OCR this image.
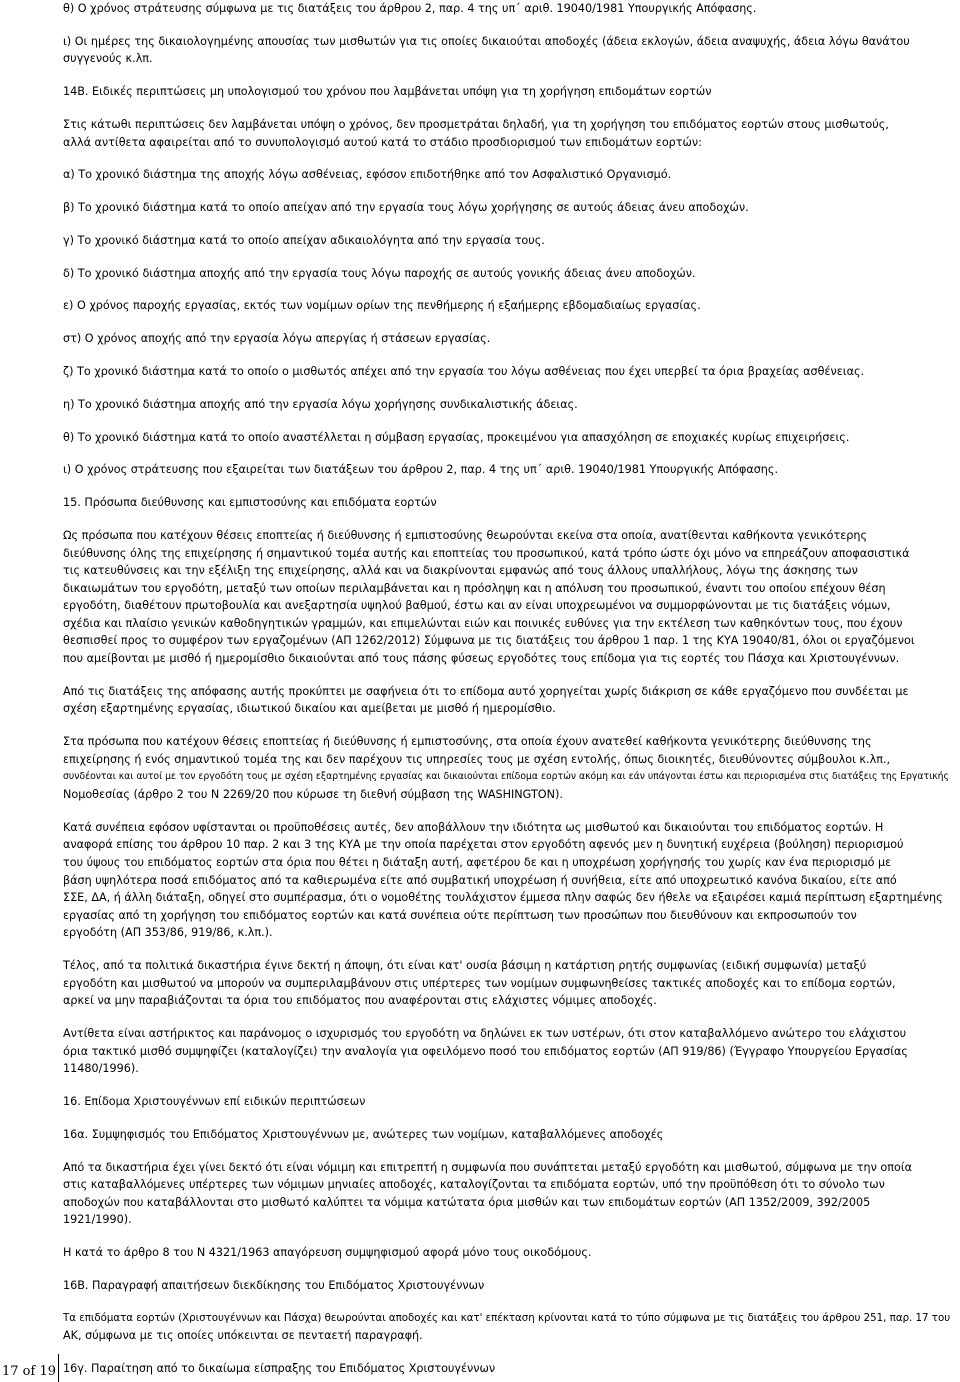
θ) Ο χρόνος στράτευσης σύμφωνα με τις διατάξεις του άρθρου 2, παρ. 4 της υπ΄ αριθ. 19040/1981 Υπουργικής Απόφασης.

ι) Οι ημέρες της δικαιολογημένης απουσίας των μισθωτών για τις οποίες δικαιούται αποδοχές (άδεια εκλογών, άδεια αναψυχής, άδεια λόγω θανάτου

συγγενούς κ.λπ.

14Β. Ειδικές περιπτώσεις μη υπολογισμού του χρόνου που λαμβάνεται υπόψη για τη χορήγηση επιδομάτων εορτών

Στις κάτωθι περιπτώσεις δεν λαμβάνεται υπόψη ο χρόνος, δεν προσμετράται δηλαδή, για τη χορήγηση του επιδόματος εορτών στους μισθωτούς,

αλλά αντίθετα αφαιρείται από το συνυπολογισμό αυτού κατά το στάδιο προσδιορισμού των επιδομάτων εορτών:

α) Το χρονικό διάστημα της αποχής λόγω ασθένειας, εφόσον επιδοτήθηκε από τον Ασφαλιστικό Οργανισμό.

β) Το χρονικό διάστημα κατά το οποίο απείχαν από την εργασία τους λόγω χορήγησης σε αυτούς άδειας άνευ αποδοχών.

γ) Το χρονικό διάστημα κατά το οποίο απείχαν αδικαιολόγητα από την εργασία τους.

δ) Το χρονικό διάστημα αποχής από την εργασία τους λόγω παροχής σε αυτούς γονικής άδειας άνευ αποδοχών.

ε) Ο χρόνος παροχής εργασίας, εκτός των νομίμων ορίων της πενθήμερης ή εξαήμερης εβδομαδιαίως εργασίας.

στ) Ο χρόνος αποχής από την εργασία λόγω απεργίας ή στάσεων εργασίας.

ζ) Το χρονικό διάστημα κατά το οποίο ο μισθωτός απέχει από την εργασία του λόγω ασθένειας που έχει υπερβεί τα όρια βραχείας ασθένειας.

η) Το χρονικό διάστημα αποχής από την εργασία λόγω χορήγησης συνδικαλιστικής άδειας.

θ) Το χρονικό διάστημα κατά το οποίο αναστέλλεται η σύμβαση εργασίας, προκειμένου για απασχόληση σε εποχιακές κυρίως επιχειρήσεις.

ι) Ο χρόνος στράτευσης που εξαιρείται των διατάξεων του άρθρου 2, παρ. 4 της υπ΄ αριθ. 19040/1981 Υπουργικής Απόφασης.

15. Πρόσωπα διεύθυνσης και εμπιστοσύνης και επιδόματα εορτών

Ως πρόσωπα που κατέχουν θέσεις εποπτείας ή διεύθυνσης ή εμπιστοσύνης θεωρούνται εκείνα στα οποία, ανατίθενται καθήκοντα γενικότερης

διεύθυνσης όλης της επιχείρησης ή σημαντικού τομέα αυτής και εποπτείας του προσωπικού, κατά τρόπο ώστε όχι μόνο να επηρεάζουν αποφασιστικά

τις κατευθύνσεις και την εξέλιξη της επιχείρησης, αλλά και να διακρίνονται εμφανώς από τους άλλους υπαλλήλους, λόγω της άσκησης των

δικαιωμάτων του εργοδότη, μεταξύ των οποίων περιλαμβάνεται και η πρόσληψη και η απόλυση του προσωπικού, έναντι του οποίου επέχουν θέση

εργοδότη, διαθέτουν πρωτοβουλία και ανεξαρτησία υψηλού βαθμού, έστω και αν είναι υποχρεωμένοι να συμμορφώνονται με τις διατάξεις νόμων,

σχέδια και πλαίσιο γενικών καθοδηγητικών γραμμών, και επιμελώνται ειών και ποινικές ευθύνες για την εκτέλεση των καθηκόντων τους, που έχουν

θεσπισθεί προς το συμφέρον των εργαζομένων (ΑΠ 1262/2012) Σύμφωνα με τις διατάξεις του άρθρου 1 παρ. 1 της ΚΥΑ 19040/81, όλοι οι εργαζόμενοι

που αμείβονται με μισθό ή ημερομίσθιο δικαιούνται από τους πάσης φύσεως εργοδότες τους επίδομα για τις εορτές του Πάσχα και Χριστουγέννων.

Από τις διατάξεις της απόφασης αυτής προκύπτει με σαφήνεια ότι το επίδομα αυτό χορηγείται χωρίς διάκριση σε κάθε εργαζόμενο που συνδέεται με

σχέση εξαρτημένης εργασίας, ιδιωτικού δικαίου και αμείβεται με μισθό ή ημερομίσθιο.

Στα πρόσωπα που κατέχουν θέσεις εποπτείας ή διεύθυνσης ή εμπιστοσύνης, στα οποία έχουν ανατεθεί καθήκοντα γενικότερης διεύθυνσης της

επιχείρησης ή ενός σημαντικού τομέα της και δεν παρέχουν τις υπηρεσίες τους με σχέση εντολής, όπως διοικητές, διευθύνοντες σύμβουλοι κ.λπ.,

συνδέονται και αυτοί με τον εργοδότη τους με σχέση εξαρτημένης εργασίας και δικαιούνται επίδομα εορτών ακόμη και εάν υπάγονται έστω και περιορισμένα στις διατάξεις της Εργατικής

Νομοθεσίας (άρθρο 2 του Ν 2269/20 που κύρωσε τη διεθνή σύμβαση της WASHINGTON).

Κατά συνέπεια εφόσον υφίστανται οι προϋποθέσεις αυτές, δεν αποβάλλουν την ιδιότητα ως μισθωτού και δικαιούνται του επιδόματος εορτών. Η

αναφορά επίσης του άρθρου 10 παρ. 2 και 3 της ΚΥΑ με την οποία παρέχεται στον εργοδότη αφενός μεν η δυνητική ευχέρεια (βούληση) περιορισμού

του ύψους του επιδόματος εορτών στα όρια που θέτει η διάταξη αυτή, αφετέρου δε και η υποχρέωση χορήγησής του χωρίς καν ένα περιορισμό με

βάση υψηλότερα ποσά επιδόματος από τα καθιερωμένα είτε από συμβατική υποχρέωση ή συνήθεια, είτε από υποχρεωτικό κανόνα δικαίου, είτε από

ΣΣΕ, ΔΑ, ή άλλη διάταξη, οδηγεί στο συμπέρασμα, ότι ο νομοθέτης τουλάχιστον έμμεσα πλην σαφώς δεν ήθελε να εξαιρέσει καμιά περίπτωση εξαρτημένης

εργασίας από τη χορήγηση του επιδόματος εορτών και κατά συνέπεια ούτε περίπτωση των προσώπων που διευθύνουν και εκπροσωπούν τον

εργοδότη (ΑΠ 353/86, 919/86, κ.λπ.).

Τέλος, από τα πολιτικά δικαστήρια έγινε δεκτή η άποψη, ότι είναι κατ' ουσία βάσιμη η κατάρτιση ρητής συμφωνίας (ειδική συμφωνία) μεταξύ

εργοδότη και μισθωτού να μπορούν να συμπεριλαμβάνουν στις υπέρτερες των νομίμων συμφωνηθείσες τακτικές αποδοχές και το επίδομα εορτών,

αρκεί να μην παραβιάζονται τα όρια του επιδόματος που αναφέρονται στις ελάχιστες νόμιμες αποδοχές.

Αντίθετα είναι αστήρικτος και παράνομος ο ισχυρισμός του εργοδότη να δηλώνει εκ των υστέρων, ότι στον καταβαλλόμενο ανώτερο του ελάχιστου

όρια τακτικό μισθό συμψηφίζει (καταλογίζει) την αναλογία για οφειλόμενο ποσό του επιδόματος εορτών (ΑΠ 919/86) (Έγγραφο Υπουργείου Εργασίας

11480/1996).

16. Επίδομα Χριστουγέννων επί ειδικών περιπτώσεων

16α. Συμψηφισμός του Επιδόματος Χριστουγέννων με, ανώτερες των νομίμων, καταβαλλόμενες αποδοχές

Από τα δικαστήρια έχει γίνει δεκτό ότι είναι νόμιμη και επιτρεπτή η συμφωνία που συνάπτεται μεταξύ εργοδότη και μισθωτού, σύμφωνα με την οποία

στις καταβαλλόμενες υπέρτερες των νόμιμων μηνιαίες αποδοχές, καταλογίζονται τα επιδόματα εορτών, υπό την προϋπόθεση ότι το σύνολο των

αποδοχών που καταβάλλονται στο μισθωτό καλύπτει τα νόμιμα κατώτατα όρια μισθών και των επιδομάτων εορτών (ΑΠ 1352/2009, 392/2005

1921/1990).

Η κατά το άρθρο 8 του Ν 4321/1963 απαγόρευση συμψηφισμού αφορά μόνο τους οικοδόμους.

16Β. Παραγραφή απαιτήσεων διεκδίκησης του Επιδόματος Χριστουγέννων

Τα επιδόματα εορτών (Χριστουγέννων και Πάσχα) θεωρούνται αποδοχές και κατ' επέκταση κρίνονται κατά το τύπο σύμφωνα με τις διατάξεις του άρθρου 251, παρ. 17 του

ΑΚ, σύμφωνα με τις οποίες υπόκεινται σε πενταετή παραγραφή.

16γ. Παραίτηση από το δικαίωμα είσπραξης του Επιδόματος Χριστουγέννων

17 of 19
